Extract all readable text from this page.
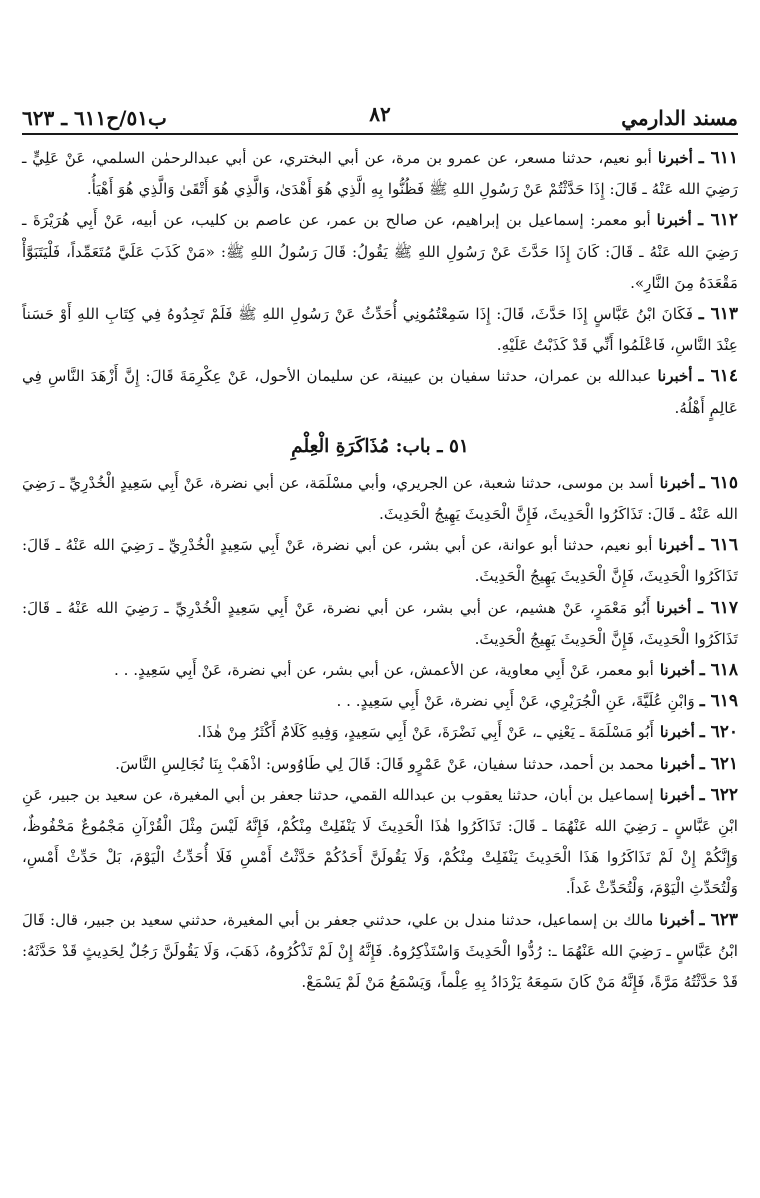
مسند الدارمي
٨٢
ب٥١/ح٦١١ ـ ٦٢٣

٦١١ ـ أخبرناأبو نعيم، حدثنا مسعر، عن عمرو بن مرة، عن أبي البختري، عن أبي عبدالرحمٰن السلمي، عَنْ عَلِيٍّ ـ رَضِيَ الله عَنْهُ ـ قَالَ: إِذَا حَدَّثْتُمْ عَنْ رَسُولِ اللهِ ﷺ فَظُنُّوا بِهِ الَّذِي هُوَ أَهْدَىٰ، وَالَّذِي هُوَ أَتْقَىٰ وَالَّذِي هُوَ أَهْيَأُ.

٦١٢ ـ أخبرناأبو معمر: إسماعيل بن إبراهيم، عن صالح بن عمر، عن عاصم بن كليب، عن أبيه، عَنْ أَبِي هُرَيْرَةَ ـ رَضِيَ الله عَنْهُ ـ قَالَ: كَانَ إِذَا حَدَّثَ عَنْ رَسُولِ اللهِ ﷺ يَقُولُ: قَالَ رَسُولُ اللهِ ﷺ: «مَنْ كَذَبَ عَلَيَّ مُتَعَمِّداً، فَلْيَتَبَوَّأْ مَقْعَدَهُ مِنَ النَّارِ».

٦١٣ ـ فَكَانَ ابْنُ عَبَّاسٍ إِذَا حَدَّثَ، قَالَ: إِذَا سَمِعْتُمُونِي أُحَدِّثُ عَنْ رَسُولِ اللهِ ﷺ فَلَمْ تَجِدُوهُ فِي كِتَابِ اللهِ أَوْ حَسَناً عِنْدَ النَّاسِ، فَاعْلَمُوا أَنِّي قَدْ كَذَبْتُ عَلَيْهِ.

٦١٤ ـ أخبرناعبدالله بن عمران، حدثنا سفيان بن عيينة، عن سليمان الأحول، عَنْ عِكْرِمَةَ قَالَ: إِنَّ أَزْهَدَ النَّاسِ فِي عَالِمٍ أَهْلُهُ.

٥١ ـ باب: مُذَاكَرَةِ الْعِلْمِ

٦١٥ ـ أخبرناأسد بن موسى، حدثنا شعبة، عن الجريري، وأبي مسْلَمَة، عن أبي نضرة، عَنْ أَبِي سَعِيدٍ الْخُدْرِيِّ ـ رَضِيَ الله عَنْهُ ـ قَالَ: تَذَاكَرُوا الْحَدِيثَ، فَإِنَّ الْحَدِيثَ يَهِيجُ الْحَدِيثَ.

٦١٦ ـ أخبرناأبو نعيم، حدثنا أبو عوانة، عن أبي بشر، عن أبي نضرة، عَنْ أَبِي سَعِيدٍ الْخُدْرِيِّ ـ رَضِيَ الله عَنْهُ ـ قَالَ: تَذَاكَرُوا الْحَدِيثَ، فَإِنَّ الْحَدِيثَ يَهِيجُ الْحَدِيثَ.

٦١٧ ـ أخبرناأَبُو مَعْمَرٍ، عَنْ هشيم، عن أبي بشر، عن أبي نضرة، عَنْ أَبِي سَعِيدٍ الْخُدْرِيِّ ـ رَضِيَ الله عَنْهُ ـ قَالَ: تَذَاكَرُوا الْحَدِيثَ، فَإِنَّ الْحَدِيثَ يَهِيجُ الْحَدِيثَ.

٦١٨ ـ أخبرناأبو معمر، عَنْ أَبِي معاوية، عن الأعمش، عن أبي بشر، عن أبي نضرة، عَنْ أَبِي سَعِيدٍ. . .

٦١٩ ـ وَابْنِ عُلَيَّةَ، عَنِ الْجُرَيْرِي، عَنْ أَبِي نضرة، عَنْ أَبِي سَعِيدٍ. . .

٦٢٠ ـ أخبرناأَبُو مَسْلَمَةَ ـ يَعْنِي ـ، عَنْ أَبِي نَضْرَةَ، عَنْ أَبِي سَعِيدٍ، وَفِيهِ كَلَامٌ أَكْثَرُ مِنْ هٰذَا.

٦٢١ ـ أخبرنامحمد بن أحمد، حدثنا سفيان، عَنْ عَمْرٍو قَالَ: قَالَ لِي طَاوُوس: اذْهَبْ بِنَا نُجَالِسِ النَّاسَ.

٦٢٢ ـ أخبرناإسماعيل بن أبان، حدثنا يعقوب بن عبدالله القمي، حدثنا جعفر بن أبي المغيرة، عن سعيد بن جبير، عَنِ ابْنِ عَبَّاسٍ ـ رَضِيَ الله عَنْهُمَا ـ قَالَ: تَذَاكَرُوا هٰذَا الْحَدِيثَ لَا يَنْفَلِتْ مِنْكُمْ، فَإِنَّهُ لَيْسَ مِثْلَ الْقُرْآنِ مَجْمُوعٌ مَحْفُوظٌ، وَإِنَّكُمْ إِنْ لَمْ تَذَاكَرُوا هَذَا الْحَدِيثَ يَنْفَلِتْ مِنْكُمْ، وَلَا يَقُولَنَّ أَحَدُكُمْ حَدَّثْتُ أَمْسِ فَلَا أُحَدِّثُ الْيَوْمَ، بَلْ حَدِّثْ أَمْسِ، وَلْتُحَدِّثِ الْيَوْمَ، وَلْتُحَدِّثْ غَداً.

٦٢٣ ـ أخبرنامالك بن إسماعيل، حدثنا مندل بن علي، حدثني جعفر بن أبي المغيرة، حدثني سعيد بن جبير، قال: قَالَ ابْنُ عَبَّاسٍ ـ رَضِيَ الله عَنْهُمَا ـ: رُدُّوا الْحَدِيثَ وَاسْتَذْكِرُوهُ. فَإِنَّهُ إِنْ لَمْ تَذْكُرُوهُ، ذَهَبَ، وَلَا يَقُولَنَّ رَجُلٌ لِحَدِيثٍ قَدْ حَدَّثَهُ: قَدْ حَدَّثْتُهُ مَرَّةً، فَإِنَّهُ مَنْ كَانَ سَمِعَهُ يَزْدَادُ بِهِ عِلْماً، وَيَسْمَعُ مَنْ لَمْ يَسْمَعْ.
